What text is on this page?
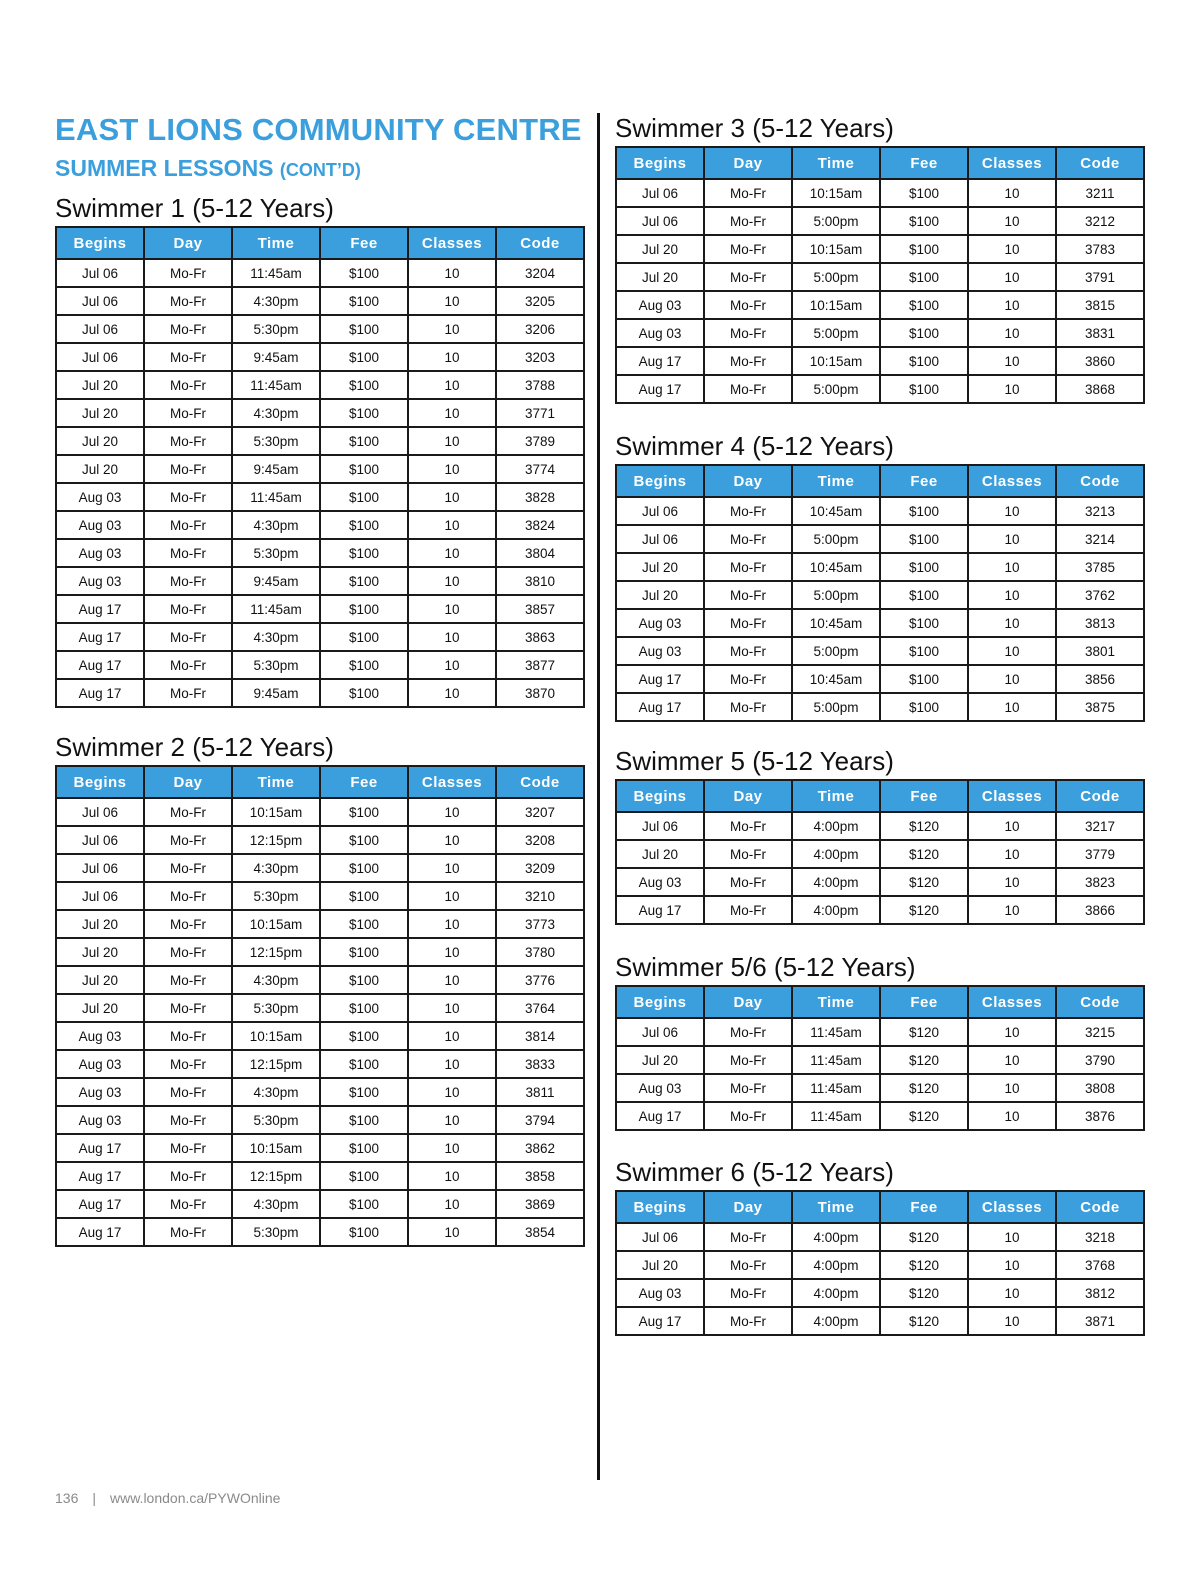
EAST LIONS COMMUNITY CENTRE
SUMMER LESSONS (CONT’D)
Swimmer 1 (5-12 Years)
Begins	Day	Time	Fee	Classes	Code
Jul 06	Mo-Fr	11:45am	$100	10	3204
Jul 06	Mo-Fr	4:30pm	$100	10	3205
Jul 06	Mo-Fr	5:30pm	$100	10	3206
Jul 06	Mo-Fr	9:45am	$100	10	3203
Jul 20	Mo-Fr	11:45am	$100	10	3788
Jul 20	Mo-Fr	4:30pm	$100	10	3771
Jul 20	Mo-Fr	5:30pm	$100	10	3789
Jul 20	Mo-Fr	9:45am	$100	10	3774
Aug 03	Mo-Fr	11:45am	$100	10	3828
Aug 03	Mo-Fr	4:30pm	$100	10	3824
Aug 03	Mo-Fr	5:30pm	$100	10	3804
Aug 03	Mo-Fr	9:45am	$100	10	3810
Aug 17	Mo-Fr	11:45am	$100	10	3857
Aug 17	Mo-Fr	4:30pm	$100	10	3863
Aug 17	Mo-Fr	5:30pm	$100	10	3877
Aug 17	Mo-Fr	9:45am	$100	10	3870
Swimmer 2 (5-12 Years)
Begins	Day	Time	Fee	Classes	Code
Jul 06	Mo-Fr	10:15am	$100	10	3207
Jul 06	Mo-Fr	12:15pm	$100	10	3208
Jul 06	Mo-Fr	4:30pm	$100	10	3209
Jul 06	Mo-Fr	5:30pm	$100	10	3210
Jul 20	Mo-Fr	10:15am	$100	10	3773
Jul 20	Mo-Fr	12:15pm	$100	10	3780
Jul 20	Mo-Fr	4:30pm	$100	10	3776
Jul 20	Mo-Fr	5:30pm	$100	10	3764
Aug 03	Mo-Fr	10:15am	$100	10	3814
Aug 03	Mo-Fr	12:15pm	$100	10	3833
Aug 03	Mo-Fr	4:30pm	$100	10	3811
Aug 03	Mo-Fr	5:30pm	$100	10	3794
Aug 17	Mo-Fr	10:15am	$100	10	3862
Aug 17	Mo-Fr	12:15pm	$100	10	3858
Aug 17	Mo-Fr	4:30pm	$100	10	3869
Aug 17	Mo-Fr	5:30pm	$100	10	3854
Swimmer 3 (5-12 Years)
Begins	Day	Time	Fee	Classes	Code
Jul 06	Mo-Fr	10:15am	$100	10	3211
Jul 06	Mo-Fr	5:00pm	$100	10	3212
Jul 20	Mo-Fr	10:15am	$100	10	3783
Jul 20	Mo-Fr	5:00pm	$100	10	3791
Aug 03	Mo-Fr	10:15am	$100	10	3815
Aug 03	Mo-Fr	5:00pm	$100	10	3831
Aug 17	Mo-Fr	10:15am	$100	10	3860
Aug 17	Mo-Fr	5:00pm	$100	10	3868
Swimmer 4 (5-12 Years)
Begins	Day	Time	Fee	Classes	Code
Jul 06	Mo-Fr	10:45am	$100	10	3213
Jul 06	Mo-Fr	5:00pm	$100	10	3214
Jul 20	Mo-Fr	10:45am	$100	10	3785
Jul 20	Mo-Fr	5:00pm	$100	10	3762
Aug 03	Mo-Fr	10:45am	$100	10	3813
Aug 03	Mo-Fr	5:00pm	$100	10	3801
Aug 17	Mo-Fr	10:45am	$100	10	3856
Aug 17	Mo-Fr	5:00pm	$100	10	3875
Swimmer 5 (5-12 Years)
Begins	Day	Time	Fee	Classes	Code
Jul 06	Mo-Fr	4:00pm	$120	10	3217
Jul 20	Mo-Fr	4:00pm	$120	10	3779
Aug 03	Mo-Fr	4:00pm	$120	10	3823
Aug 17	Mo-Fr	4:00pm	$120	10	3866
Swimmer 5/6 (5-12 Years)
Begins	Day	Time	Fee	Classes	Code
Jul 06	Mo-Fr	11:45am	$120	10	3215
Jul 20	Mo-Fr	11:45am	$120	10	3790
Aug 03	Mo-Fr	11:45am	$120	10	3808
Aug 17	Mo-Fr	11:45am	$120	10	3876
Swimmer 6 (5-12 Years)
Begins	Day	Time	Fee	Classes	Code
Jul 06	Mo-Fr	4:00pm	$120	10	3218
Jul 20	Mo-Fr	4:00pm	$120	10	3768
Aug 03	Mo-Fr	4:00pm	$120	10	3812
Aug 17	Mo-Fr	4:00pm	$120	10	3871
136 | www.london.ca/PYWOnline
